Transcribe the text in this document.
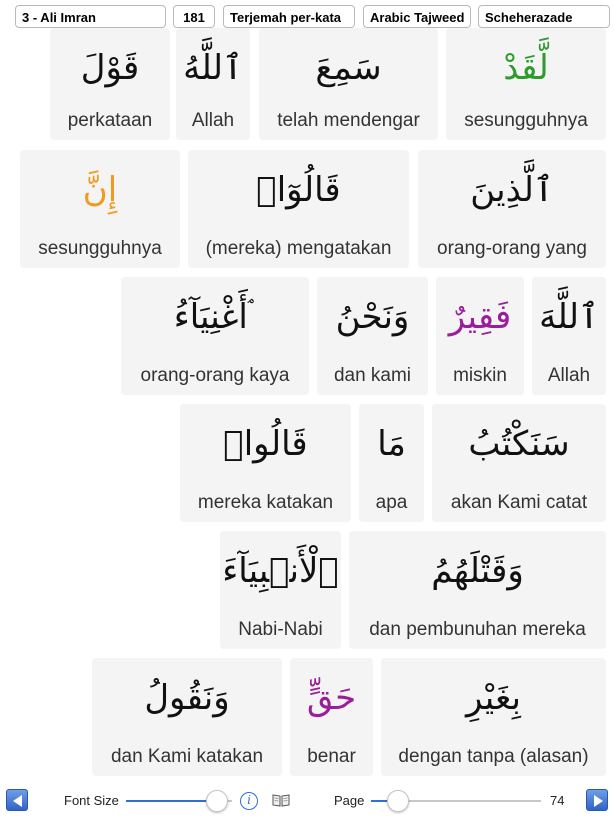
3 - Ali Imran	181	Terjemah per-kata	Arabic Tajweed	Scheherazade
قَوْلَ
perkataan
ٱللَّهُ
Allah
سَمِعَ
telah mendengar
لَّقَدْ
sesungguhnya
إِنَّ
sesungguhnya
قَالُوٓا۟
(mereka) mengatakan
ٱلَّذِينَ
orang-orang yang
أَغْنِيَآءُ ۘ
orang-orang kaya
وَنَحْنُ
dan kami
فَقِيرٌ
miskin
ٱللَّهَ
Allah
قَالُوا۟
mereka katakan
مَا
apa
سَنَكْتُبُ
akan Kami catat
ٱلْأَنۢبِيَآءَ
Nabi-Nabi
وَقَتْلَهُمُ
dan pembunuhan mereka
وَنَقُولُ
dan Kami katakan
حَقٍّ
benar
بِغَيْرِ
dengan tanpa (alasan)
Font Size	i	Page	74
